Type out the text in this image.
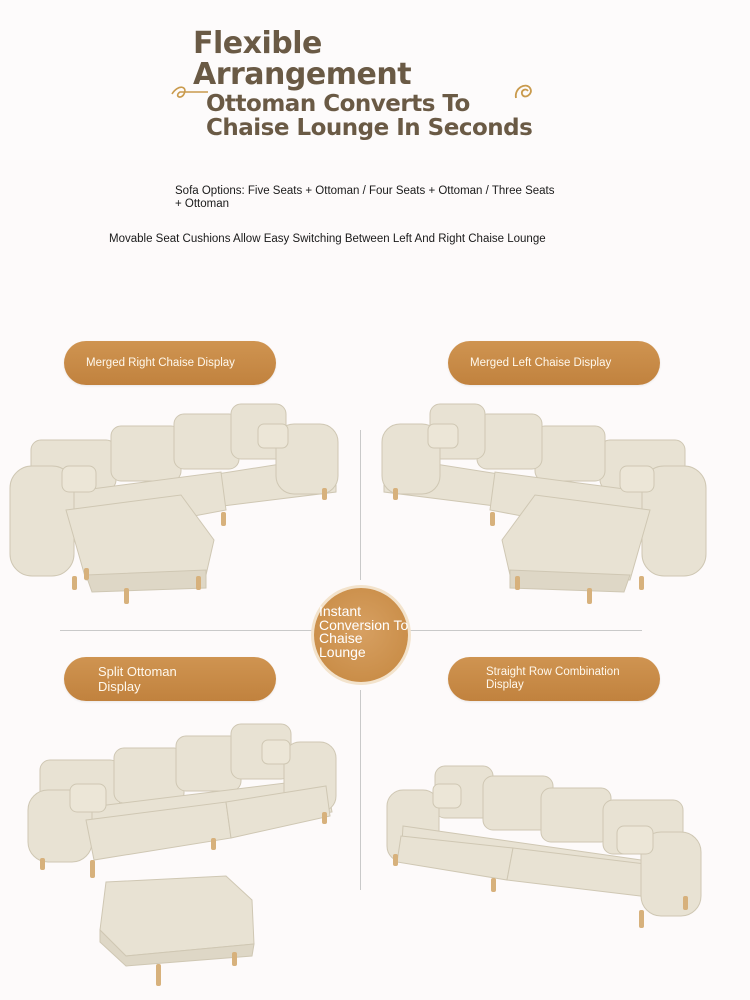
Flexible
Arrangement
Ottoman Converts To
Chaise Lounge In Seconds
Sofa Options: Five Seats + Ottoman / Four Seats + Ottoman / Three Seats + Ottoman
Movable Seat Cushions Allow Easy Switching Between Left And Right Chaise Lounge
Merged Right Chaise Display	Merged Left Chaise Display
Split Ottoman Display
Straight Row Combination Display
Instant Conversion To Chaise Lounge
